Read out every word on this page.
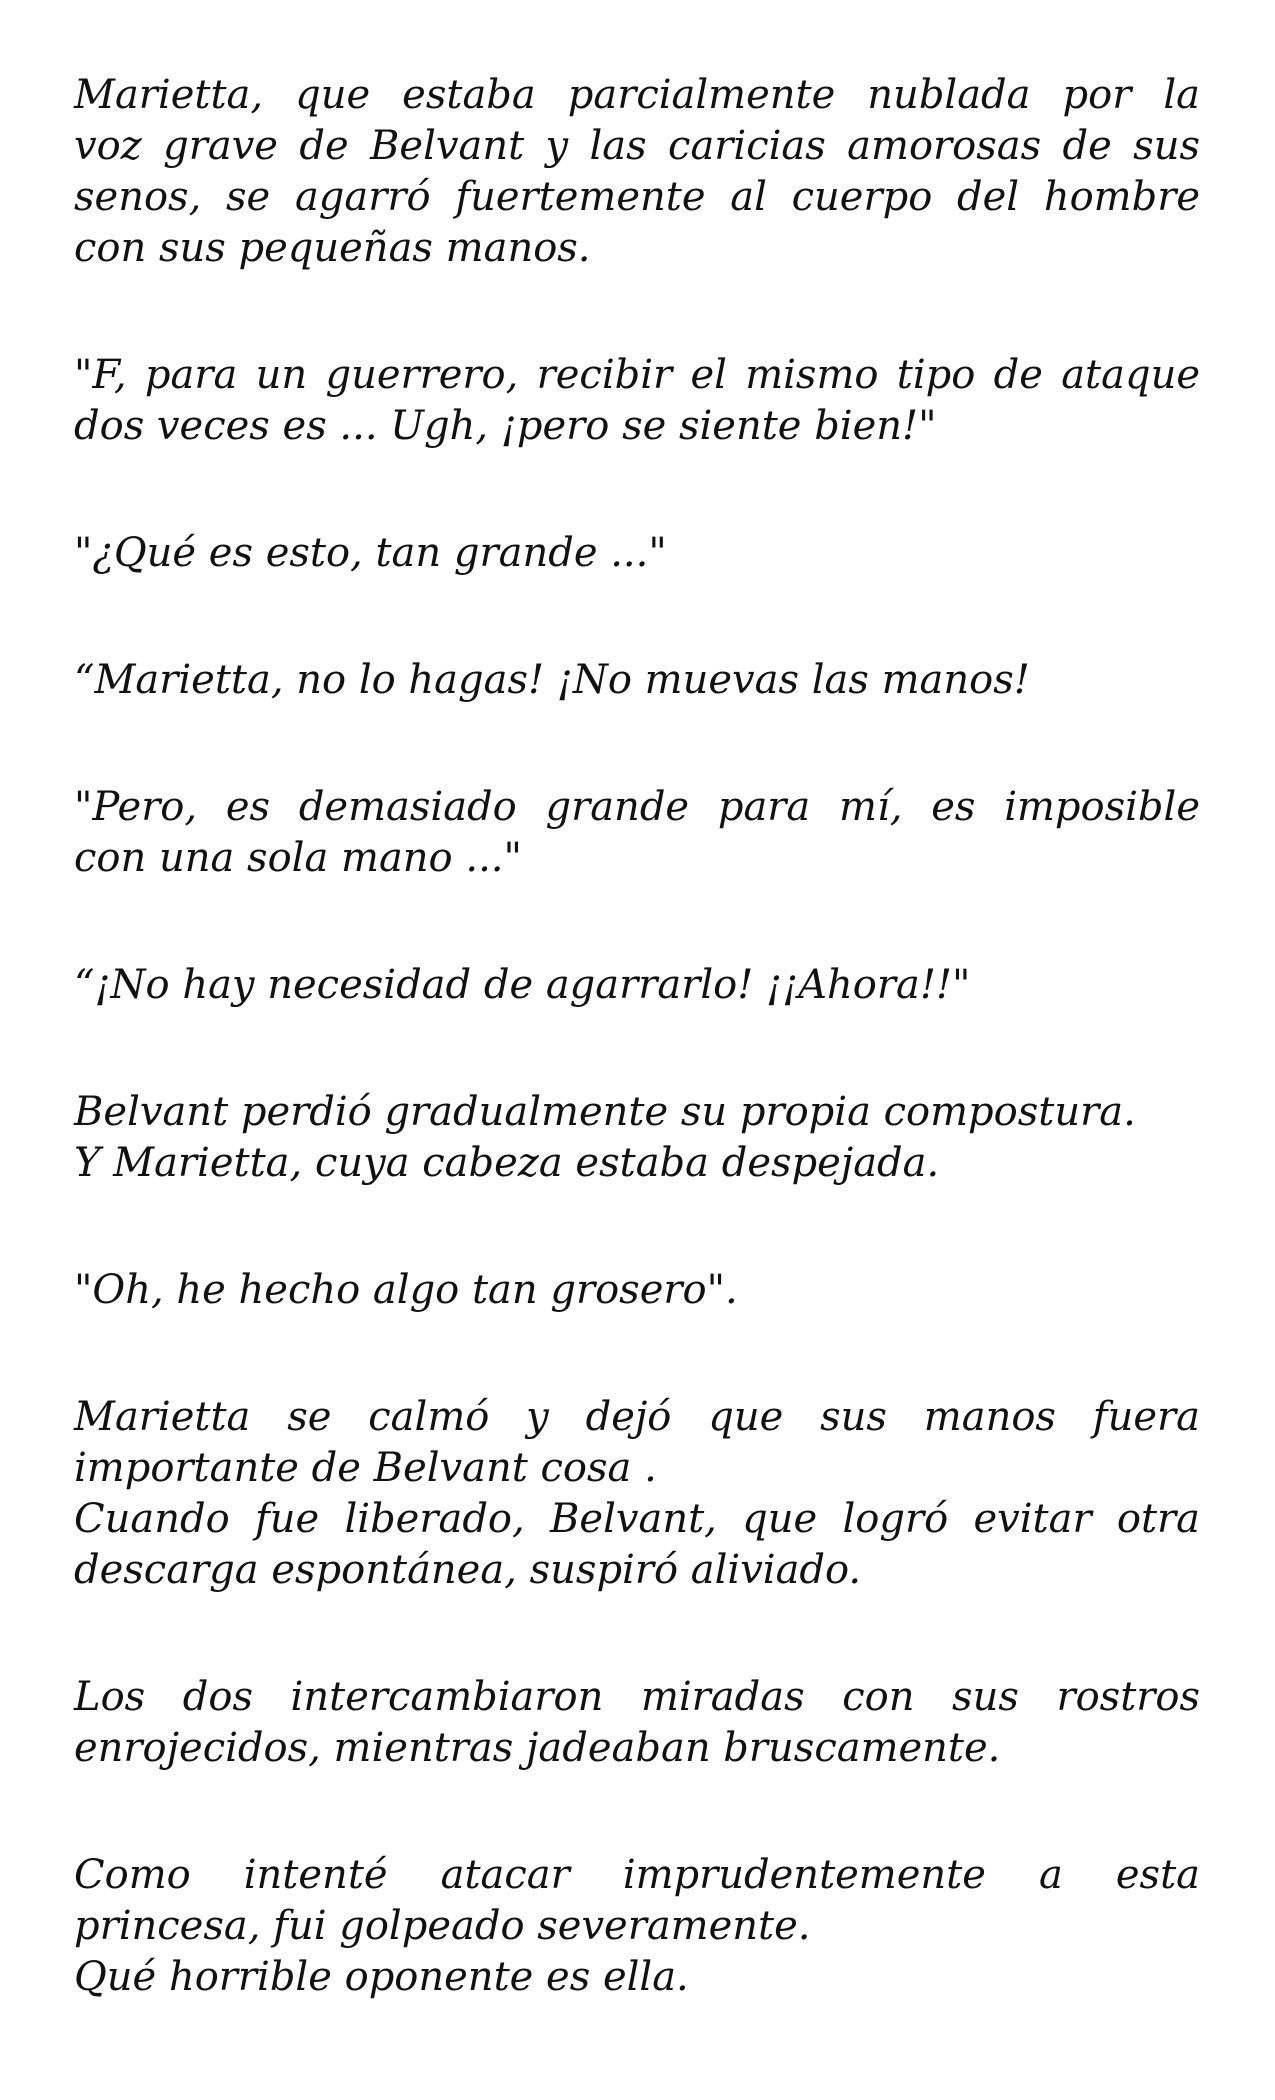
Marietta, que estaba parcialmente nublada por la
voz grave de Belvant y las caricias amorosas de sus
senos, se agarró fuertemente al cuerpo del hombre
con sus pequeñas manos.

"F, para un guerrero, recibir el mismo tipo de ataque
dos veces es ... Ugh, ¡pero se siente bien!"

"¿Qué es esto, tan grande ..."

“Marietta, no lo hagas! ¡No muevas las manos!

"Pero, es demasiado grande para mí, es imposible
con una sola mano ..."

“¡No hay necesidad de agarrarlo! ¡¡Ahora!!"

Belvant perdió gradualmente su propia compostura.
Y Marietta, cuya cabeza estaba despejada.

"Oh, he hecho algo tan grosero".

Marietta se calmó y dejó que sus manos fuera
importante de Belvant cosa .
Cuando fue liberado, Belvant, que logró evitar otra
descarga espontánea, suspiró aliviado.

Los dos intercambiaron miradas con sus rostros
enrojecidos, mientras jadeaban bruscamente.

Como intenté atacar imprudentemente a esta
princesa, fui golpeado severamente.
Qué horrible oponente es ella.
